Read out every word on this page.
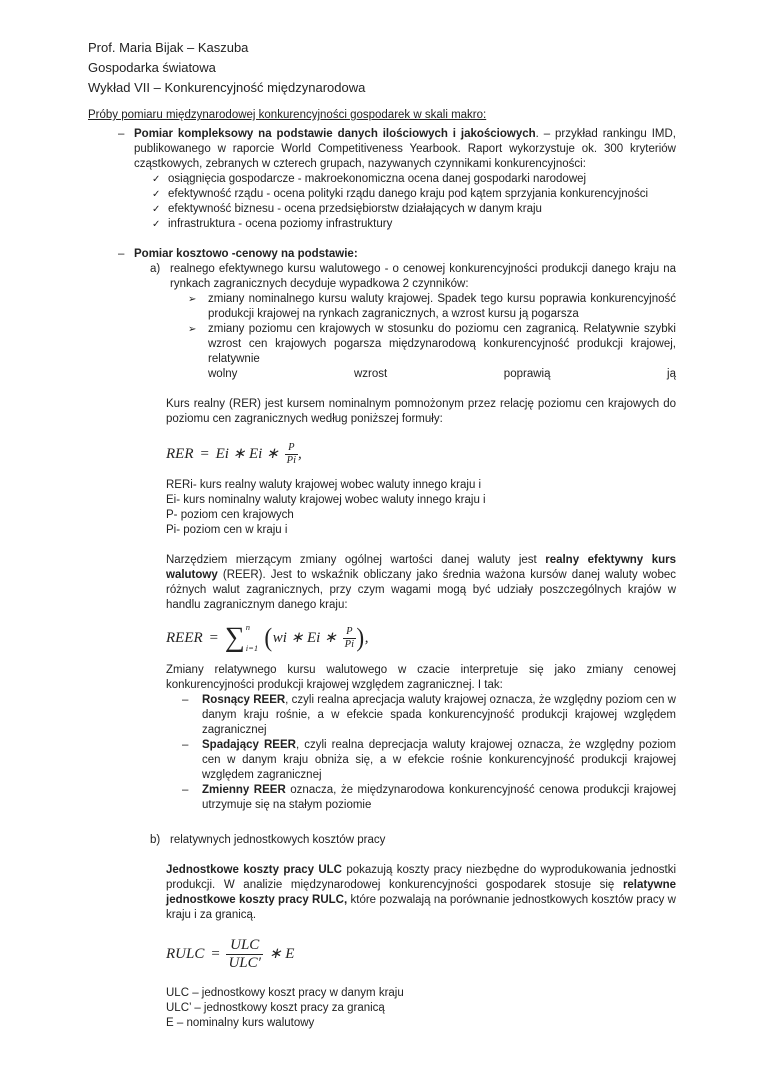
Prof. Maria Bijak – Kaszuba

Gospodarka światowa

Wykład VII – Konkurencyjność międzynarodowa

Próby pomiaru międzynarodowej konkurencyjności gospodarek w skali makro:
– Pomiar kompleksowy na podstawie danych ilościowych i jakościowych. – przykład rankingu IMD, publikowanego w raporcie World Competitiveness Yearbook. Raport wykorzystuje ok. 300 kryteriów cząstkowych, zebranych w czterech grupach, nazywanych czynnikami konkurencyjności:
✓ osiągnięcia gospodarcze - makroekonomiczna ocena danej gospodarki narodowej
✓ efektywność rządu - ocena polityki rządu danego kraju pod kątem sprzyjania konkurencyjności
✓ efektywność biznesu - ocena przedsiębiorstw działających w danym kraju
✓ infrastruktura - ocena poziomy infrastruktury
– Pomiar kosztowo -cenowy na podstawie:
a) realnego efektywnego kursu walutowego - o cenowej konkurencyjności produkcji danego kraju na rynkach zagranicznych decyduje wypadkowa 2 czynników:
➢	zmiany nominalnego kursu waluty krajowej. Spadek tego kursu poprawia konkurencyjność produkcji krajowej na rynkach zagranicznych, a wzrost kursu ją pogarsza
➢	zmiany poziomu cen krajowych w stosunku do poziomu cen zagranicą. Relatywnie szybki wzrost cen krajowych pogarsza międzynarodową konkurencyjność produkcji krajowej, relatywnie
wolny	wzrost	poprawią	ją

Kurs realny (RER) jest kursem nominalnym pomnożonym przez relację poziomu cen krajowych do poziomu cen zagranicznych według poniższej formuły:

RER = Ei ∗ Ei ∗ $\frac{P}{Pi}$ ,
RERi- kurs realny waluty krajowej wobec waluty innego kraju i
Ei- kurs nominalny waluty krajowej wobec waluty innego kraju i
P- poziom cen krajowych
Pi- poziom cen w kraju i

Narzędziem mierzącym zmiany ogólnej wartości danej waluty jest realny efektywny kurs walutowy (REER). Jest to wskaźnik obliczany jako średnia ważona kursów danej waluty wobec różnych walut zagranicznych, przy czym wagami mogą być udziały poszczególnych krajów w handlu zagranicznym danego kraju:

REER = ∑ n
i=1 ( wi ∗ Ei ∗ $\frac{P}{Pi}$ ) ,

Zmiany relatywnego kursu walutowego w czacie interpretuje się jako zmiany cenowej konkurencyjności produkcji krajowej względem zagranicznej. I tak:

–	Rosnący REER, czyli realna aprecjacja waluty krajowej oznacza, że względny poziom cen w danym kraju rośnie, a w efekcie spada konkurencyjność produkcji krajowej względem zagranicznej
–	Spadający REER, czyli realna deprecjacja waluty krajowej oznacza, że względny poziom cen w danym kraju obniża się, a w efekcie rośnie konkurencyjność produkcji krajowej względem zagranicznej
–	Zmienny REER oznacza, że międzynarodowa konkurencyjność cenowa produkcji krajowej utrzymuje się na stałym poziomie
b) relatywnych jednostkowych kosztów pracy

Jednostkowe koszty pracy ULC pokazują koszty pracy niezbędne do wyprodukowania jednostki produkcji. W analizie międzynarodowej konkurencyjności gospodarek stosuje się relatywne jednostkowe koszty pracy RULC, które pozwalają na porównanie jednostkowych kosztów pracy w kraju i za granicą.

RULC = $\frac{\text{ULC}}{\text{ULC′}}$ ∗ E
ULC – jednostkowy koszt pracy w danym kraju
ULC’ – jednostkowy koszt pracy za granicą
E – nominalny kurs walutowy
